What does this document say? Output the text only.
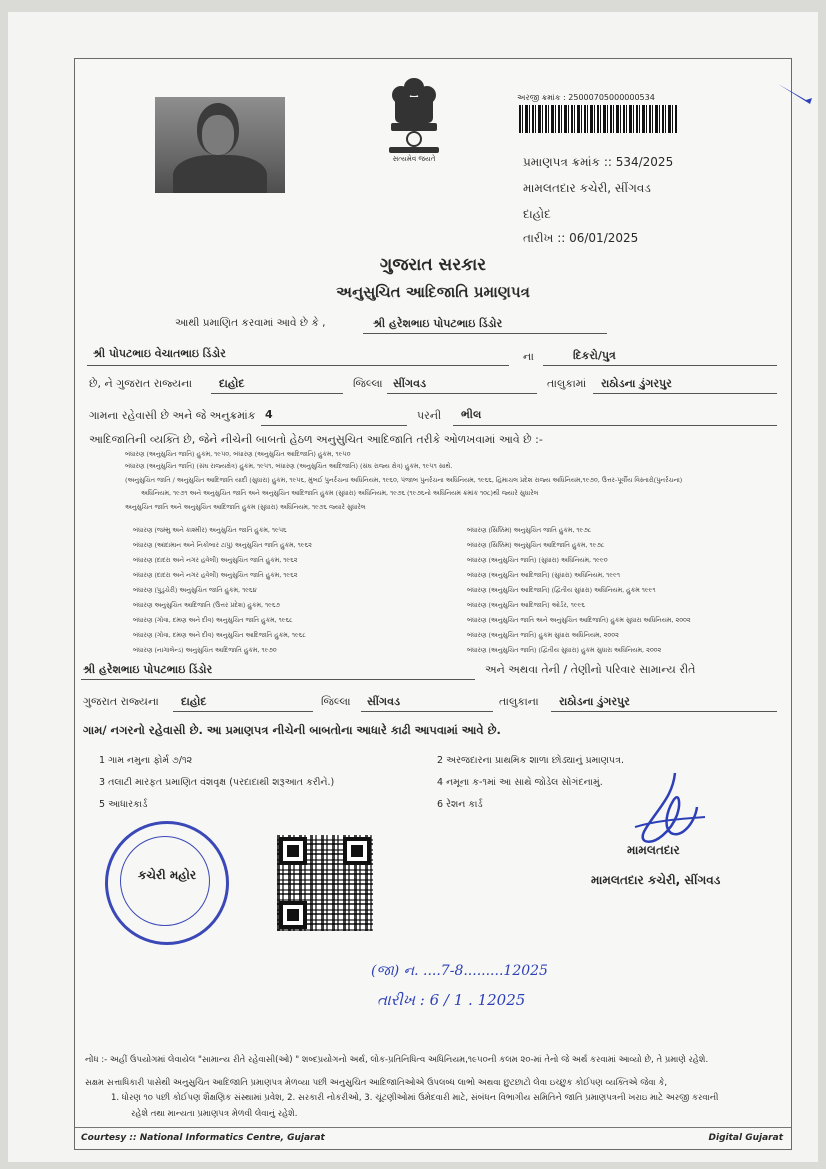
સત્યમેવ જયતે
અરજી ક્રમાંક : 25000705000000534
પ્રમાણપત્ર ક્રમાંક :: 534/2025
મામલતદાર કચેરી, સીંગવડ
દાહોદ
તારીખ :: 06/01/2025
ગુજરાત સરકાર
અનુસુચિત આદિજાતિ પ્રમાણપત્ર
આથી પ્રમાણિત કરવામાં આવે છે કે ,	શ્રી હરેશભાઇ પોપટભાઇ ડિંડોર
શ્રી પોપટભાઇ વેચાતભાઇ ડિંડોર	ના	દિકરો/પુત્ર
છે, ને ગુજરાત રાજ્યના દાહોદ	જિલ્લા સીંગવડ	તાલુકામાં રાઠોડના ડુંગરપુર
ગામના રહેવાસી છે અને જે અનુક્રમાંક 4	પરની ભીલ
આદિજાતિની વ્યક્તિ છે, જેને નીચેની બાબતો હેઠળ અનુસુચિત આદિજાતિ તરીકે ઓળખવામાં આવે છે :-
બંધારણ (અનુસુચિત જાતિ) હુકમ, ૧૯૫૦, બંધારણ (અનુસુચિત આદિજાતિ) હુકમ, ૧૯૫૦
બંધારણ (અનુસુચિત જાતિ) (સંઘ રાજ્યક્ષેત્ર) હુકમ, ૧૯૫૧, બંધારણ (અનુસુચિત આદિજાતિ) (સંઘ રાજ્ય ક્ષેત્ર) હુકમ, ૧૯૫૧ સાથે.
(અનુસુચિત જાતિ / અનુસુચિત આદિજાતિ યાદી (સુધારા) હુકમ, ૧૯૫૬, મુંબઈ પુનર્રચના અધિનિયમ, ૧૯૬૦, પંજાબ પુનર્રચના અધિનિયમ, ૧૯૬૬, હિમાચલ પ્રદેશ રાજ્ય અધિનિયમ,૧૯૭૦, ઉત્તર-પૂર્વીય વિસ્તારો(પુનર્રચના)
અધિનિયમ, ૧૯૭૧ અને અનુસુચિત જાતિ અને અનુસુચિત આદિજાતિ હુકમ (સુધારા) અધિનિયમ, ૧૯૭૬ (૧૯૭૬નો અધિનિયમ ક્રમાંક ૧૦૮)થી જ્યારે સુધારેલ
અનુસુચિત જાતિ અને અનુસુચિત આદિજાતિ હુકમ (સુધારા) અધિનિયમ, ૧૯૭૬ જ્યારે સુધારેલ
બંધારણ (જમ્મુ અને કાશ્મીર) અનુસુચિત જાતિ હુકમ, ૧૯૫૬
બંધારણ (આંદામાન અને નિકોબાર ટાપુ) અનુસુચિત જાતિ હુકમ, ૧૯૬૨
બંધારણ (દાદરા અને નગર હવેલી) અનુસુચિત જાતિ હુકમ, ૧૯૬૨
બંધારણ (દાદરા અને નગર હવેલી) અનુસુચિત જાતિ હુકમ, ૧૯૬૨
બંધારણ (પુડુચેરી) અનુસુચિત જાતિ હુકમ, ૧૯૬૪
બંધારણ અનુસુચિત આદિજાતિ (ઉત્તર પ્રદેશ) હુકમ, ૧૯૬૭
બંધારણ (ગોવા, દમણ અને દીવ) અનુસુચિત જાતિ હુકમ, ૧૯૬૮
બંધારણ (ગોવા, દમણ અને દીવ) અનુસુચિત આદિજાતિ હુકમ, ૧૯૬૮
બંધારણ (નાગાલેન્ડ) અનુસુચિત આદિજાતિ હુકમ, ૧૯૭૦
બંધારણ (સિક્કિમ) અનુસુચિત જાતિ હુકમ, ૧૯૭૮
બંધારણ (સિક્કિમ) અનુસુચિત આદિજાતિ હુકમ, ૧૯૭૮
બંધારણ (અનુસુચિત જાતિ) (સુધારા) અધિનિયમ, ૧૯૯૦
બંધારણ (અનુસુચિત આદિજાતિ) (સુધારા) અધિનિયમ, ૧૯૯૧
બંધારણ (અનુસુચિત આદિજાતિ) (દ્વિતીય સુધારા) અધિનિયમ, હુકમ ૧૯૯૧
બંધારણ (અનુસુચિત આદિજાતિ) ઓર્ડર, ૧૯૯૬
બંધારણ (અનુસુચિત જાતિ અને અનુસુચિત આદિજાતિ) હુકમ સુધારા અધિનિયમ, ૨૦૦૨
બંધારણ (અનુસુચિત જાતિ) હુકમ સુધારા અધિનિયમ, ૨૦૦૨
બંધારણ (અનુસુચિત જાતિ) (દ્વિતીય સુધારા) હુકમ સુધારા અધિનિયમ, ૨૦૦૨
શ્રી હરેશભાઇ પોપટભાઇ ડિંડોર	અને અથવા તેની / તેણીનો પરિવાર સામાન્ય રીતે
ગુજરાત રાજ્યના દાહોદ	જિલ્લા સીંગવડ	તાલુકાના રાઠોડના ડુંગરપુર
ગામ/ નગરનો રહેવાસી છે. આ પ્રમાણપત્ર નીચેની બાબતોના આધારે કાઢી આપવામાં આવે છે.
1 ગામ નમુના ફોર્મ ૭/૧૨	2 અરજદારના પ્રાથમિક શાળા છોડ્યાનું પ્રમાણપત્ર.
3 તલાટી મારફત પ્રમાણિત વંશવૃક્ષ (પરદાદાથી શરૂઆત કરીને.)	4 નમૂના ક-૧માં આ સાથે જોડેલ સોગંદનામું.
5 આધારકાર્ડ	6 રેશન કાર્ડ
મામલતદાર
મામલતદાર કચેરી, સીંગવડ
કચેરી મહોર
(જા) ન. ....7-8.........12025
તારીખ : 6 / 1 . 12025
નોંધ :- અહીં ઉપયોગમાં લેવાયેલ "સામાન્ય રીતે રહેવાસી(ઓ) " શબ્દપ્રયોગનો અર્થ, લોક-પ્રતિનિધિત્વ અધિનિયમ,૧૯૫૦ની કલમ ૨૦-માં તેનો જે અર્થ કરવામાં આવ્યો છે, તે પ્રમાણે રહેશે.
સક્ષમ સત્તાધિકારી પાસેથી અનુસુચિત આદિજાતિ પ્રમાણપત્ર મેળવ્યા પછી અનુસુચિત આદિજાતિઓએ ઉપલબ્ધ લાભો અથવા છુટછાટો લેવા ઇચ્છુક કોઈપણ વ્યક્તિએ જેવા કે,
1. ધોરણ ૧૦ પછી કોઈપણ શૈક્ષણિક સંસ્થામાં પ્રવેશ, 2. સરકારી નોકરીઓ, 3. ચૂંટણીઓમાં ઉમેદવારી માટે, સંબંધન વિભાગીય સમિતિને જાતિ પ્રમાણપત્રની ખરાઇ માટે અરજી કરવાની
રહેશે તથા માન્યતા પ્રમાણપત્ર મેળવી લેવાનું રહેશે.
Courtesy :: National Informatics Centre, Gujarat	Digital Gujarat
